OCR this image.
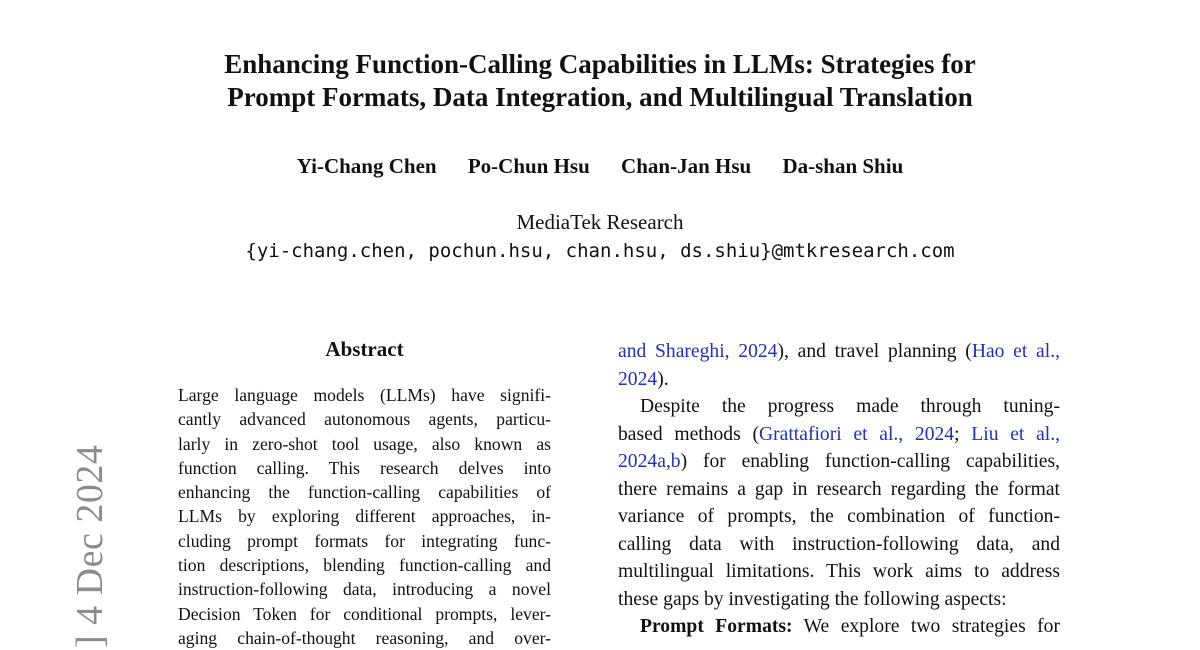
] 4 Dec 2024
Enhancing Function-Calling Capabilities in LLMs: Strategies for
Prompt Formats, Data Integration, and Multilingual Translation
Yi-Chang Chen Po-Chun Hsu Chan-Jan Hsu Da-shan Shiu
MediaTek Research
{yi-chang.chen, pochun.hsu, chan.hsu, ds.shiu}@mtkresearch.com
Abstract
Large language models (LLMs) have signifi-
cantly advanced autonomous agents, particu-
larly in zero-shot tool usage, also known as
function calling. This research delves into
enhancing the function-calling capabilities of
LLMs by exploring different approaches, in-
cluding prompt formats for integrating func-
tion descriptions, blending function-calling and
instruction-following data, introducing a novel
Decision Token for conditional prompts, lever-
aging chain-of-thought reasoning, and over-
and Shareghi, 2024), and travel planning (Hao et al.,
2024).
Despite the progress made through tuning-
based methods (Grattafiori et al., 2024; Liu et al.,
2024a,b) for enabling function-calling capabilities,
there remains a gap in research regarding the format
variance of prompts, the combination of function-
calling data with instruction-following data, and
multilingual limitations. This work aims to address
these gaps by investigating the following aspects:
Prompt Formats: We explore two strategies for
